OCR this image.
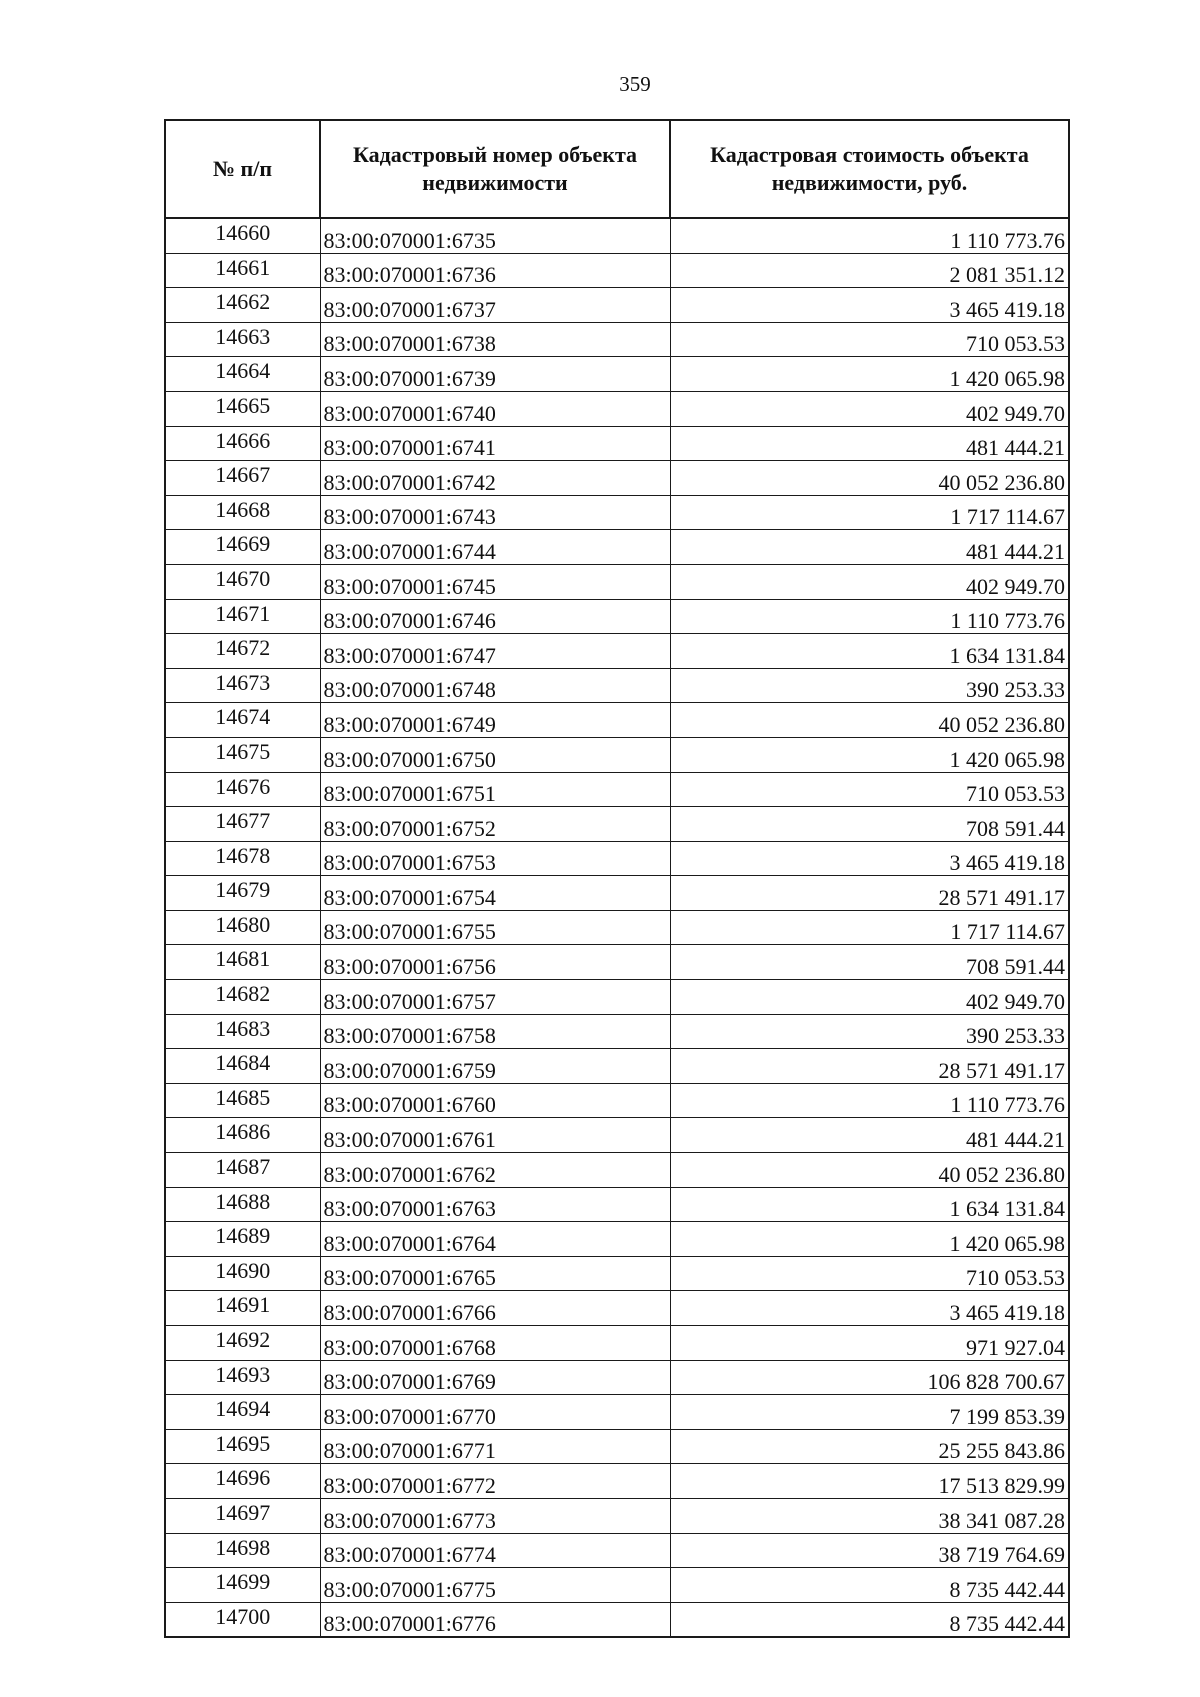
359
№ п/п	Кадастровый номер объекта недвижимости	Кадастровая стоимость объекта недвижимости, руб.
14660	83:00:070001:6735	1 110 773.76
14661	83:00:070001:6736	2 081 351.12
14662	83:00:070001:6737	3 465 419.18
14663	83:00:070001:6738	710 053.53
14664	83:00:070001:6739	1 420 065.98
14665	83:00:070001:6740	402 949.70
14666	83:00:070001:6741	481 444.21
14667	83:00:070001:6742	40 052 236.80
14668	83:00:070001:6743	1 717 114.67
14669	83:00:070001:6744	481 444.21
14670	83:00:070001:6745	402 949.70
14671	83:00:070001:6746	1 110 773.76
14672	83:00:070001:6747	1 634 131.84
14673	83:00:070001:6748	390 253.33
14674	83:00:070001:6749	40 052 236.80
14675	83:00:070001:6750	1 420 065.98
14676	83:00:070001:6751	710 053.53
14677	83:00:070001:6752	708 591.44
14678	83:00:070001:6753	3 465 419.18
14679	83:00:070001:6754	28 571 491.17
14680	83:00:070001:6755	1 717 114.67
14681	83:00:070001:6756	708 591.44
14682	83:00:070001:6757	402 949.70
14683	83:00:070001:6758	390 253.33
14684	83:00:070001:6759	28 571 491.17
14685	83:00:070001:6760	1 110 773.76
14686	83:00:070001:6761	481 444.21
14687	83:00:070001:6762	40 052 236.80
14688	83:00:070001:6763	1 634 131.84
14689	83:00:070001:6764	1 420 065.98
14690	83:00:070001:6765	710 053.53
14691	83:00:070001:6766	3 465 419.18
14692	83:00:070001:6768	971 927.04
14693	83:00:070001:6769	106 828 700.67
14694	83:00:070001:6770	7 199 853.39
14695	83:00:070001:6771	25 255 843.86
14696	83:00:070001:6772	17 513 829.99
14697	83:00:070001:6773	38 341 087.28
14698	83:00:070001:6774	38 719 764.69
14699	83:00:070001:6775	8 735 442.44
14700	83:00:070001:6776	8 735 442.44
